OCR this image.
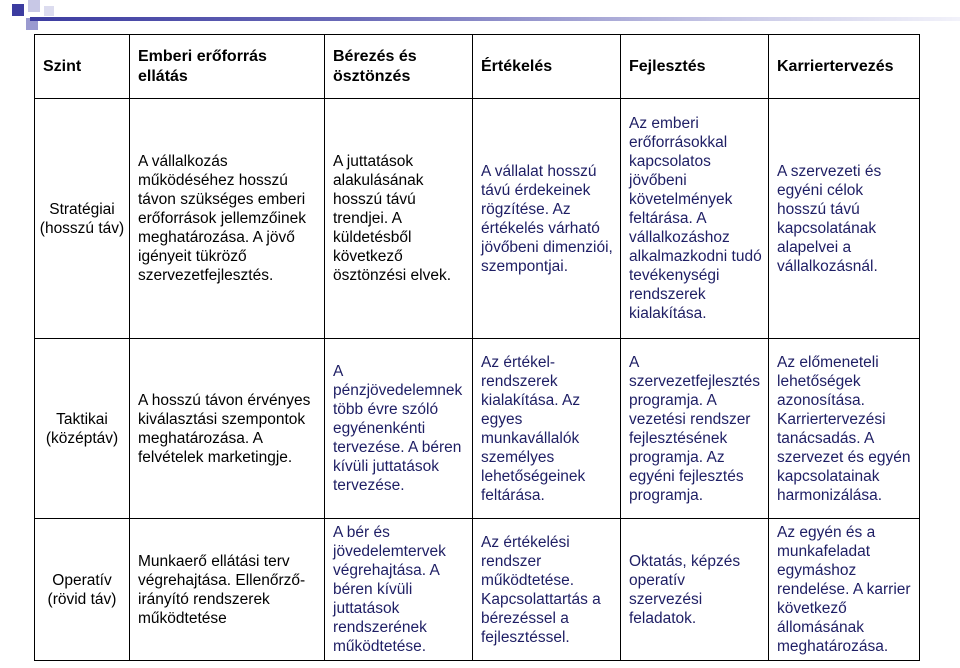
Szint	Emberi erőforrás ellátás	Bérezés és ösztönzés	Értékelés	Fejlesztés	Karriertervezés
Stratégiai (hosszú táv)	A vállalkozás működéséhez hosszú távon szükséges emberi erőforrások jellemzőinek meghatározása. A jövő igényeit tükröző szervezetfejlesztés.	A juttatások alakulásának hosszú távú trendjei. A küldetésből következő ösztönzési elvek.	A vállalat hosszú távú érdekeinek rögzítése. Az értékelés várható jövőbeni dimenziói, szempontjai.	Az emberi erőforrásokkal kapcsolatos jövőbeni követelmények feltárása. A vállalkozáshoz alkalmazkodni tudó tevékenységi rendszerek kialakítása.	A szervezeti és egyéni célok hosszú távú kapcsolatának alapelvei a vállalkozásnál.
Taktikai (középtáv)	A hosszú távon érvényes kiválasztási szempontok meghatározása. A felvételek marketingje.	A pénzjövedelemnek több évre szóló egyénenkénti tervezése. A béren kívüli juttatások tervezése.	Az értékel-rendszerek kialakítása. Az egyes munkavállalók személyes lehetőségeinek feltárása.	A szervezetfejlesztés programja. A vezetési rendszer fejlesztésének programja. Az egyéni fejlesztés programja.	Az előmeneteli lehetőségek azonosítása. Karriertervezési tanácsadás. A szervezet és egyén kapcsolatainak harmonizálása.
Operatív (rövid táv)	Munkaerő ellátási terv végrehajtása. Ellenőrző-irányító rendszerek működtetése	A bér és jövedelemtervek végrehajtása. A béren kívüli juttatások rendszerének működtetése.	Az értékelési rendszer működtetése. Kapcsolattartás a bérezéssel a fejlesztéssel.	Oktatás, képzés operatív szervezési feladatok.	Az egyén és a munkafeladat egymáshoz rendelése. A karrier következő állomásának meghatározása.
